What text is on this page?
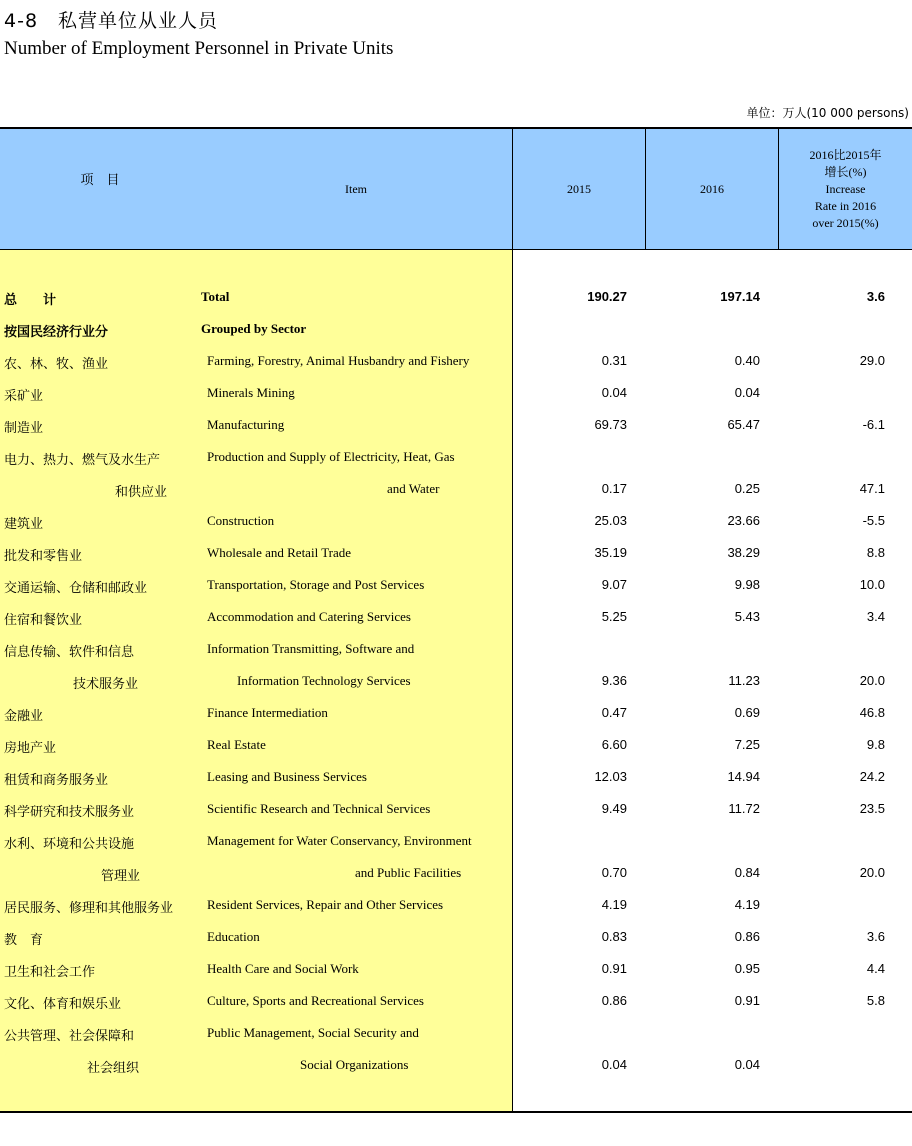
4-8　私营单位从业人员
Number of Employment Personnel in Private Units
单位：万人(10 000 persons)
项　目
Item	2015	2016
2016比2015年
增长(%)
Increase
Rate in 2016
over 2015(%)
总　　计	Total	190.27	197.14	3.6
按国民经济行业分	Grouped by Sector
农、林、牧、渔业	Farming, Forestry, Animal Husbandry and Fishery	0.31	0.40	29.0
采矿业	Minerals Mining	0.04	0.04
制造业	Manufacturing	69.73	65.47	-6.1
电力、热力、燃气及水生产	Production and Supply of Electricity, Heat, Gas
和供应业	and Water	0.17	0.25	47.1
建筑业	Construction	25.03	23.66	-5.5
批发和零售业	Wholesale and Retail Trade	35.19	38.29	8.8
交通运输、仓储和邮政业	Transportation, Storage and Post Services	9.07	9.98	10.0
住宿和餐饮业	Accommodation and Catering Services	5.25	5.43	3.4
信息传输、软件和信息	Information Transmitting, Software and
技术服务业	Information Technology Services	9.36	11.23	20.0
金融业	Finance Intermediation	0.47	0.69	46.8
房地产业	Real Estate	6.60	7.25	9.8
租赁和商务服务业	Leasing and Business Services	12.03	14.94	24.2
科学研究和技术服务业	Scientific Research and Technical Services	9.49	11.72	23.5
水利、环境和公共设施	Management for Water Conservancy, Environment
管理业	and Public Facilities	0.70	0.84	20.0
居民服务、修理和其他服务业	Resident Services, Repair and Other Services	4.19	4.19
教　育	Education	0.83	0.86	3.6
卫生和社会工作	Health Care and Social Work	0.91	0.95	4.4
文化、体育和娱乐业	Culture, Sports and Recreational Services	0.86	0.91	5.8
公共管理、社会保障和	Public Management, Social Security and
社会组织	Social Organizations	0.04	0.04
